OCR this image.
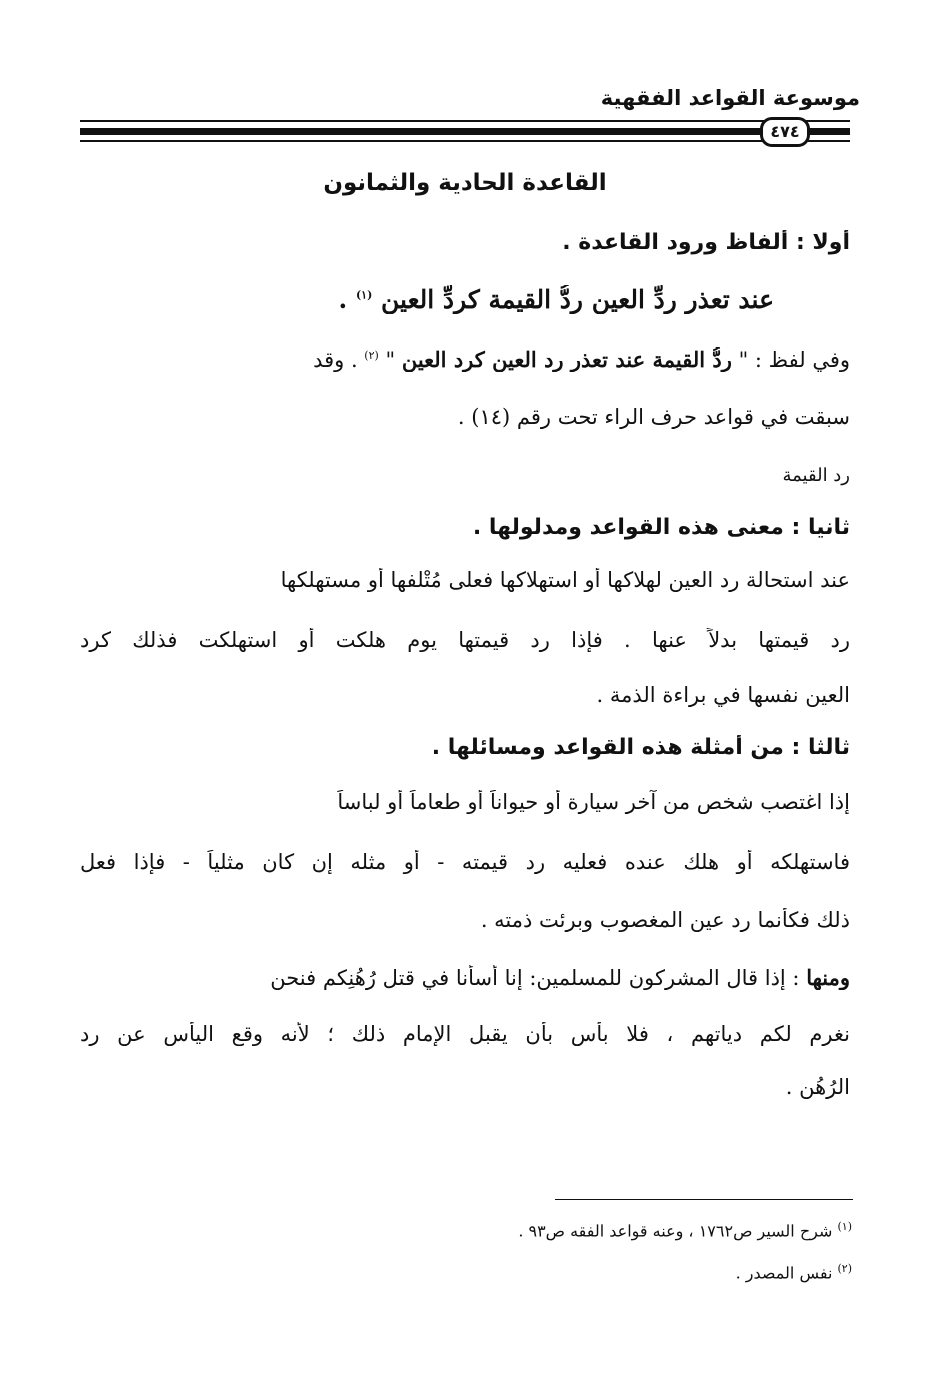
موسوعة القواعد الفقهية
٤٧٤
القاعدة الحادية والثمانون
أولا : ألفاظ ورود القاعدة .
عند تعذر ردِّ العين ردُّ القيمة كردِّ العين $^{(١)}$ .
وفي لفظ : " ردُّ القيمة عند تعذر رد العين كرد العين " $^{(٢)}$ . وقد
سبقت في قواعد حرف الراء تحت رقم (١٤) .
رد القيمة
ثانيا : معنى هذه القواعد ومدلولها .
عند استحالة رد العين لهلاكها أو استهلاكها فعلى مُتْلفها أو مستهلكها
رد قيمتها بدلاً عنها . فإذا رد قيمتها يوم هلكت أو استهلكت فذلك كرد
العين نفسها في براءة الذمة .
ثالثا : من أمثلة هذه القواعد ومسائلها .
إذا اغتصب شخص من آخر سيارة أو حيواناً أو طعاماً أو لباساً
فاستهلكه أو هلك عنده فعليه رد قيمته - أو مثله إن كان مثلياً - فإذا فعل
ذلك فكأنما رد عين المغصوب وبرئت ذمته .
ومنها : إذا قال المشركون للمسلمين: إنا أَسأْنا في قتل رُهُنِكم فنحن
نغرم لكم دياتهم ، فلا بأس بأن يقبل الإمام ذلك ؛ لأنه وقع اليأس عن رد
الرُهُن .
$^{(١)}$ شرح السير ص١٧٦٢ ، وعنه قواعد الفقه ص٩٣ .
$^{(٢)}$ نفس المصدر .
